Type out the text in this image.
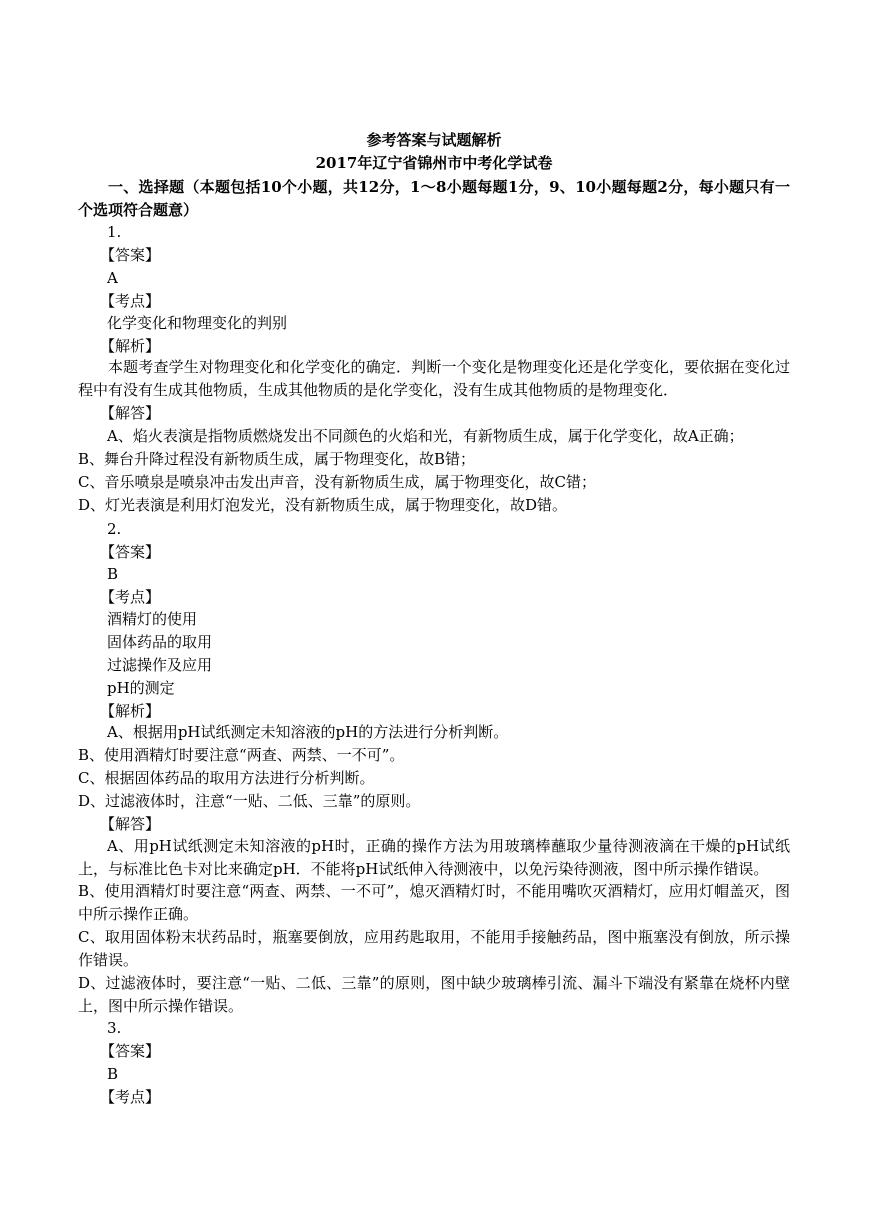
参考答案与试题解析
2017年辽宁省锦州市中考化学试卷
一、选择题（本题包括10个小题，共12分，1～8小题每题1分，9、10小题每题2分，每小题只有一个选项符合题意）
1.
【答案】
A
【考点】
化学变化和物理变化的判别
【解析】
本题考查学生对物理变化和化学变化的确定．判断一个变化是物理变化还是化学变化，要依据在变化过程中有没有生成其他物质，生成其他物质的是化学变化，没有生成其他物质的是物理变化．
【解答】
A、焰火表演是指物质燃烧发出不同颜色的火焰和光，有新物质生成，属于化学变化，故A正确；
B、舞台升降过程没有新物质生成，属于物理变化，故B错；
C、音乐喷泉是喷泉冲击发出声音，没有新物质生成，属于物理变化，故C错；
D、灯光表演是利用灯泡发光，没有新物质生成，属于物理变化，故D错。
2.
【答案】
B
【考点】
酒精灯的使用
固体药品的取用
过滤操作及应用
pH的测定
【解析】
A、根据用pH试纸测定未知溶液的pH的方法进行分析判断。
B、使用酒精灯时要注意“两查、两禁、一不可”。
C、根据固体药品的取用方法进行分析判断。
D、过滤液体时，注意“一贴、二低、三靠”的原则。
【解答】
A、用pH试纸测定未知溶液的pH时，正确的操作方法为用玻璃棒蘸取少量待测液滴在干燥的pH试纸上，与标准比色卡对比来确定pH．不能将pH试纸伸入待测液中，以免污染待测液，图中所示操作错误。
B、使用酒精灯时要注意“两查、两禁、一不可”，熄灭酒精灯时，不能用嘴吹灭酒精灯，应用灯帽盖灭，图中所示操作正确。
C、取用固体粉末状药品时，瓶塞要倒放，应用药匙取用，不能用手接触药品，图中瓶塞没有倒放，所示操作错误。
D、过滤液体时，要注意“一贴、二低、三靠”的原则，图中缺少玻璃棒引流、漏斗下端没有紧靠在烧杯内壁上，图中所示操作错误。
3.
【答案】
B
【考点】
